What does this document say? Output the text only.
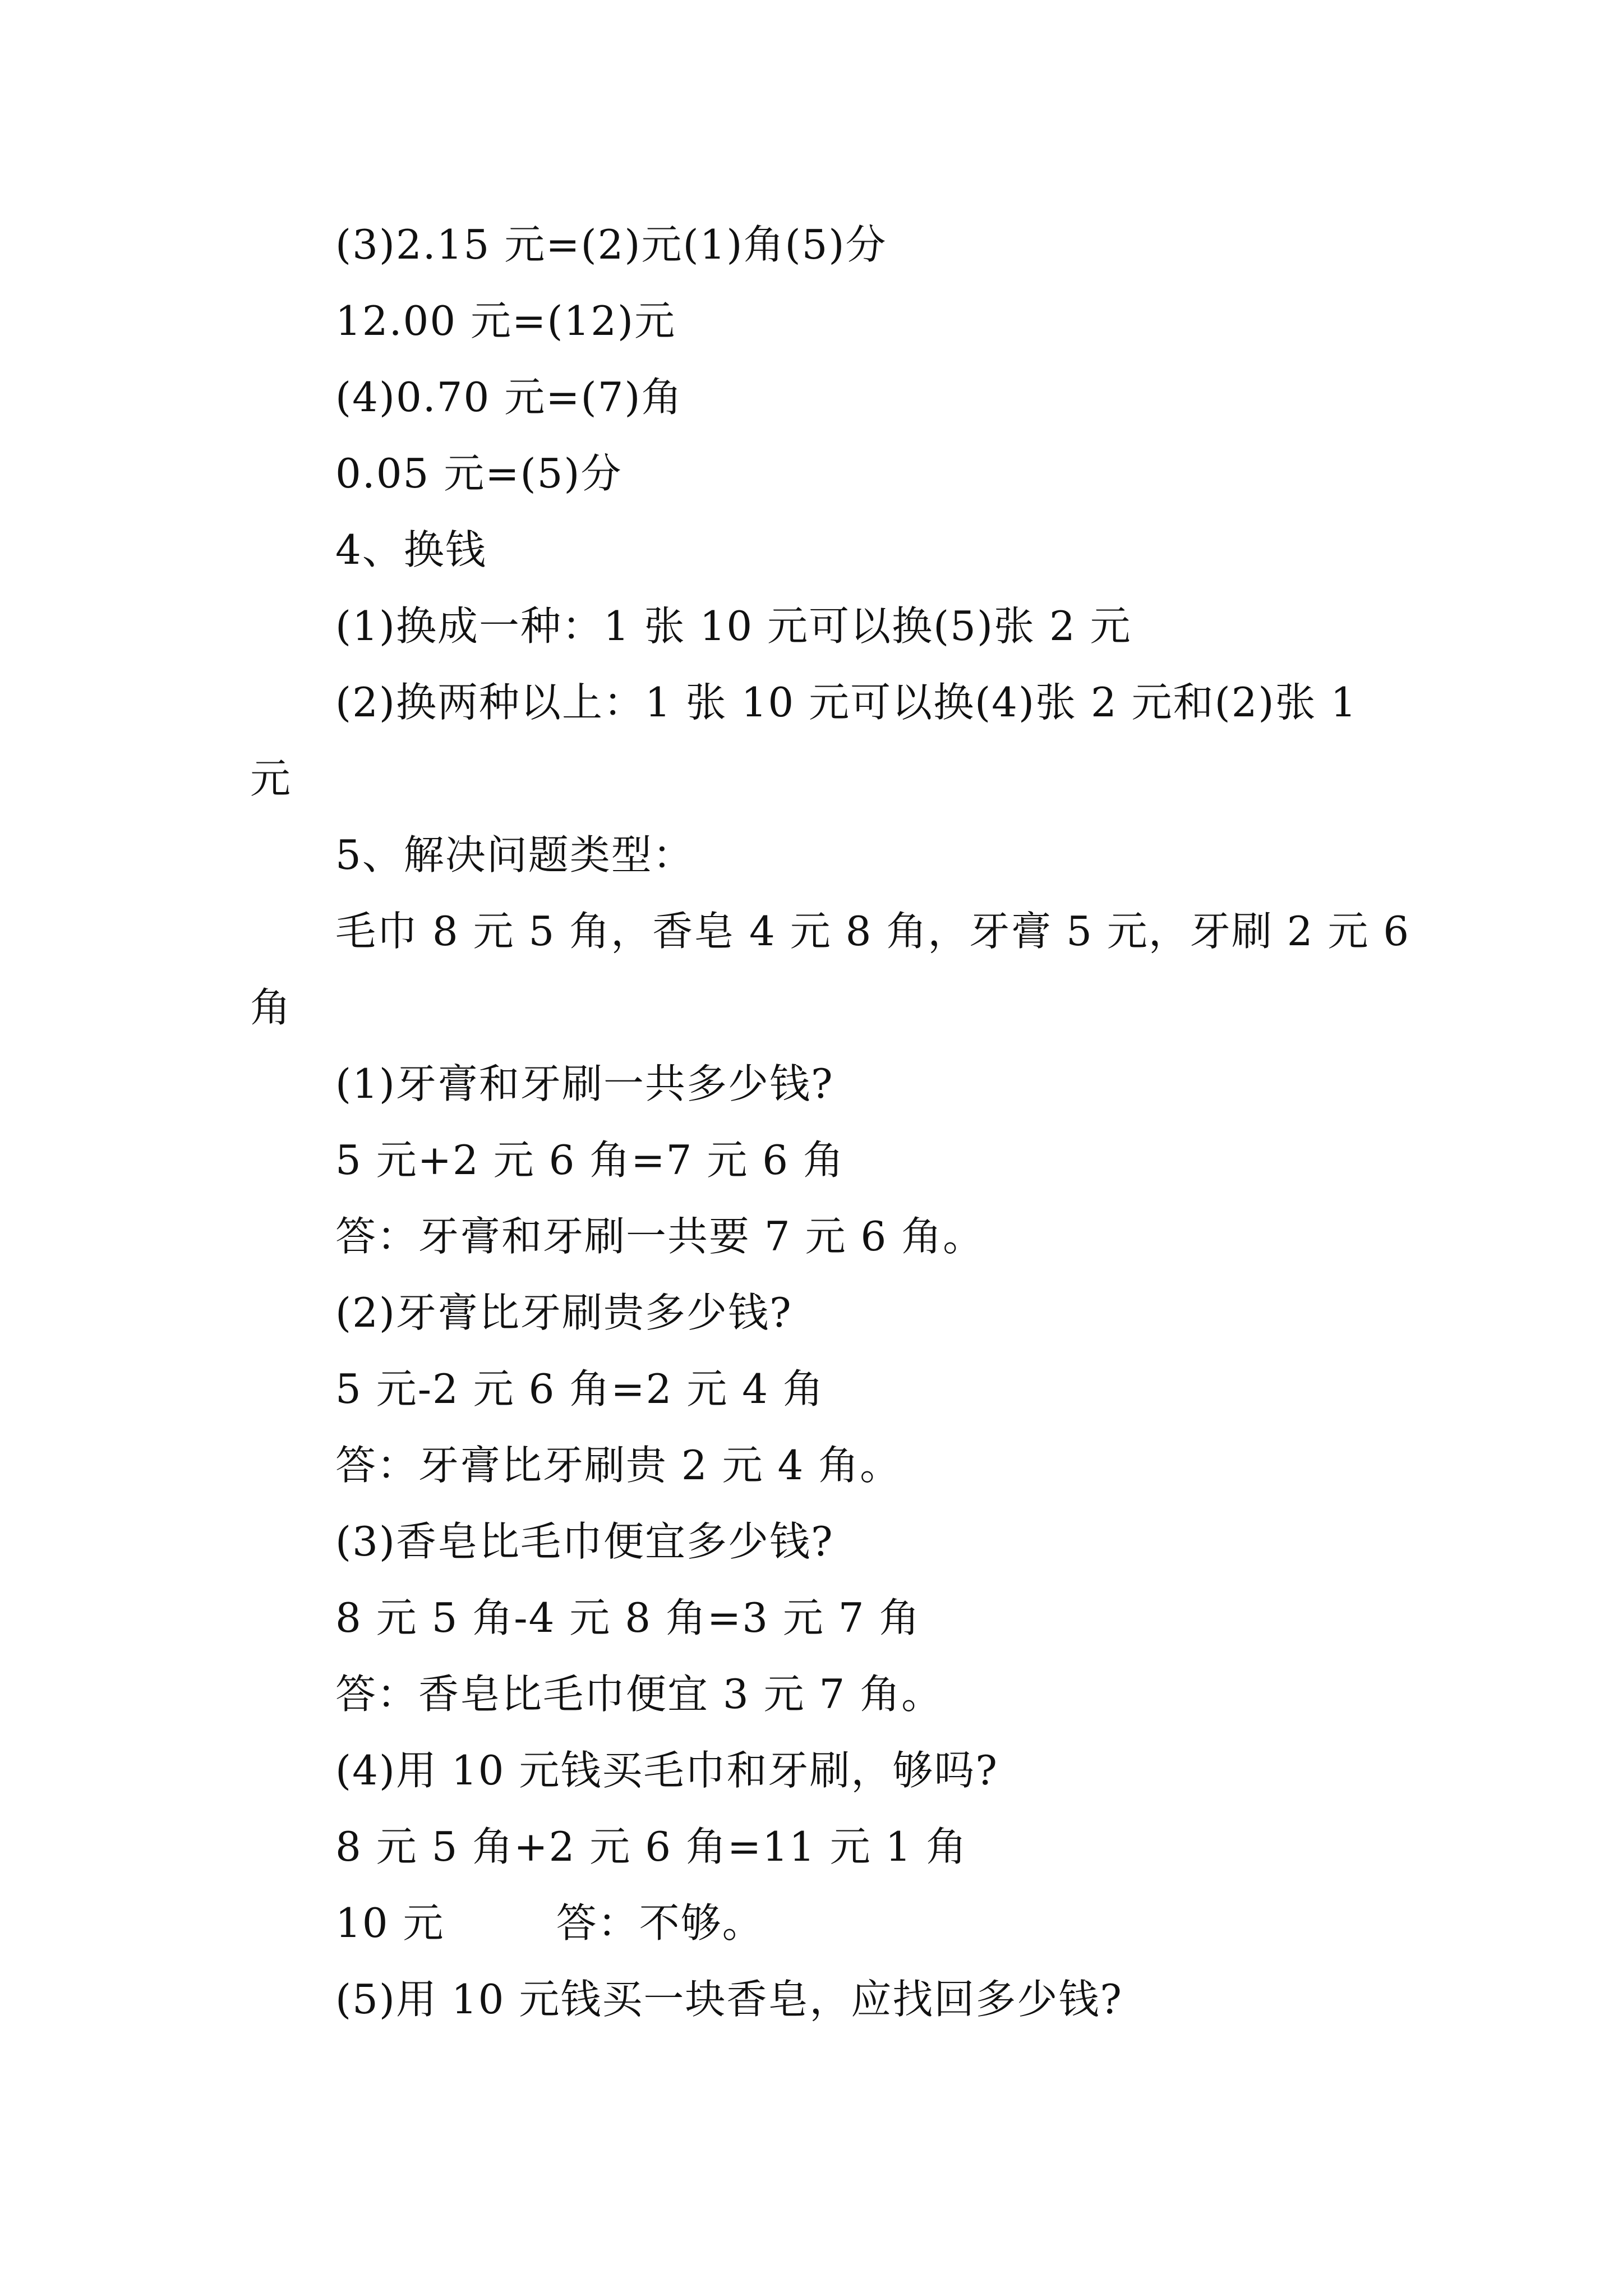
(3)2.15 元=(2)元(1)角(5)分
12.00 元=(12)元
(4)0.70 元=(7)角
0.05 元=(5)分
4、换钱
(1)换成一种：1 张 10 元可以换(5)张 2 元
(2)换两种以上：1 张 10 元可以换(4)张 2 元和(2)张 1
元
5、解决问题类型：
毛巾 8 元 5 角，香皂 4 元 8 角，牙膏 5 元，牙刷 2 元 6
角
(1)牙膏和牙刷一共多少钱?
5 元+2 元 6 角=7 元 6 角
答：牙膏和牙刷一共要 7 元 6 角。
(2)牙膏比牙刷贵多少钱?
5 元-2 元 6 角=2 元 4 角
答：牙膏比牙刷贵 2 元 4 角。
(3)香皂比毛巾便宜多少钱?
8 元 5 角-4 元 8 角=3 元 7 角
答：香皂比毛巾便宜 3 元 7 角。
(4)用 10 元钱买毛巾和牙刷，够吗?
8 元 5 角+2 元 6 角=11 元 1 角
10 元        答：不够。
(5)用 10 元钱买一块香皂，应找回多少钱?
